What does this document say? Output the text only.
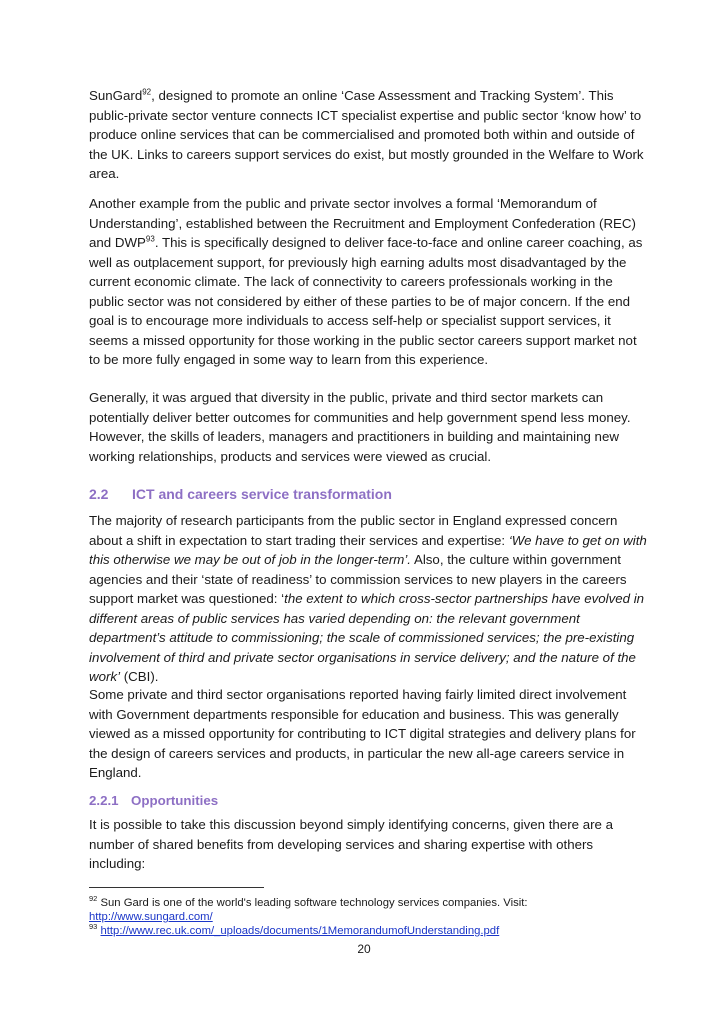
SunGard$^{92}$, designed to promote an online ‘Case Assessment and Tracking System’. This public-private sector venture connects ICT specialist expertise and public sector ‘know how’ to produce online services that can be commercialised and promoted both within and outside of the UK. Links to careers support services do exist, but mostly grounded in the Welfare to Work area.

Another example from the public and private sector involves a formal ‘Memorandum of Understanding’, established between the Recruitment and Employment Confederation (REC) and DWP$^{93}$. This is specifically designed to deliver face-to-face and online career coaching, as well as outplacement support, for previously high earning adults most disadvantaged by the current economic climate. The lack of connectivity to careers professionals working in the public sector was not considered by either of these parties to be of major concern. If the end goal is to encourage more individuals to access self-help or specialist support services, it seems a missed opportunity for those working in the public sector careers support market not to be more fully engaged in some way to learn from this experience.

Generally, it was argued that diversity in the public, private and third sector markets can potentially deliver better outcomes for communities and help government spend less money. However, the skills of leaders, managers and practitioners in building and maintaining new working relationships, products and services were viewed as crucial.

2.2 ICT and careers service transformation

The majority of research participants from the public sector in England expressed concern about a shift in expectation to start trading their services and expertise: ‘We have to get on with this otherwise we may be out of job in the longer-term’. Also, the culture within government agencies and their ‘state of readiness’ to commission services to new players in the careers support market was questioned: ‘the extent to which cross-sector partnerships have evolved in different areas of public services has varied depending on: the relevant government department’s attitude to commissioning; the scale of commissioned services; the pre-existing involvement of third and private sector organisations in service delivery; and the nature of the work’ (CBI).

Some private and third sector organisations reported having fairly limited direct involvement with Government departments responsible for education and business. This was generally viewed as a missed opportunity for contributing to ICT digital strategies and delivery plans for the design of careers services and products, in particular the new all-age careers service in England.

2.2.1 Opportunities

It is possible to take this discussion beyond simply identifying concerns, given there are a number of shared benefits from developing services and sharing expertise with others including:

$^{92}$ Sun Gard is one of the world's leading software technology services companies. Visit:
http://www.sungard.com/

$^{93}$ http://www.rec.uk.com/_uploads/documents/1MemorandumofUnderstanding.pdf

20
